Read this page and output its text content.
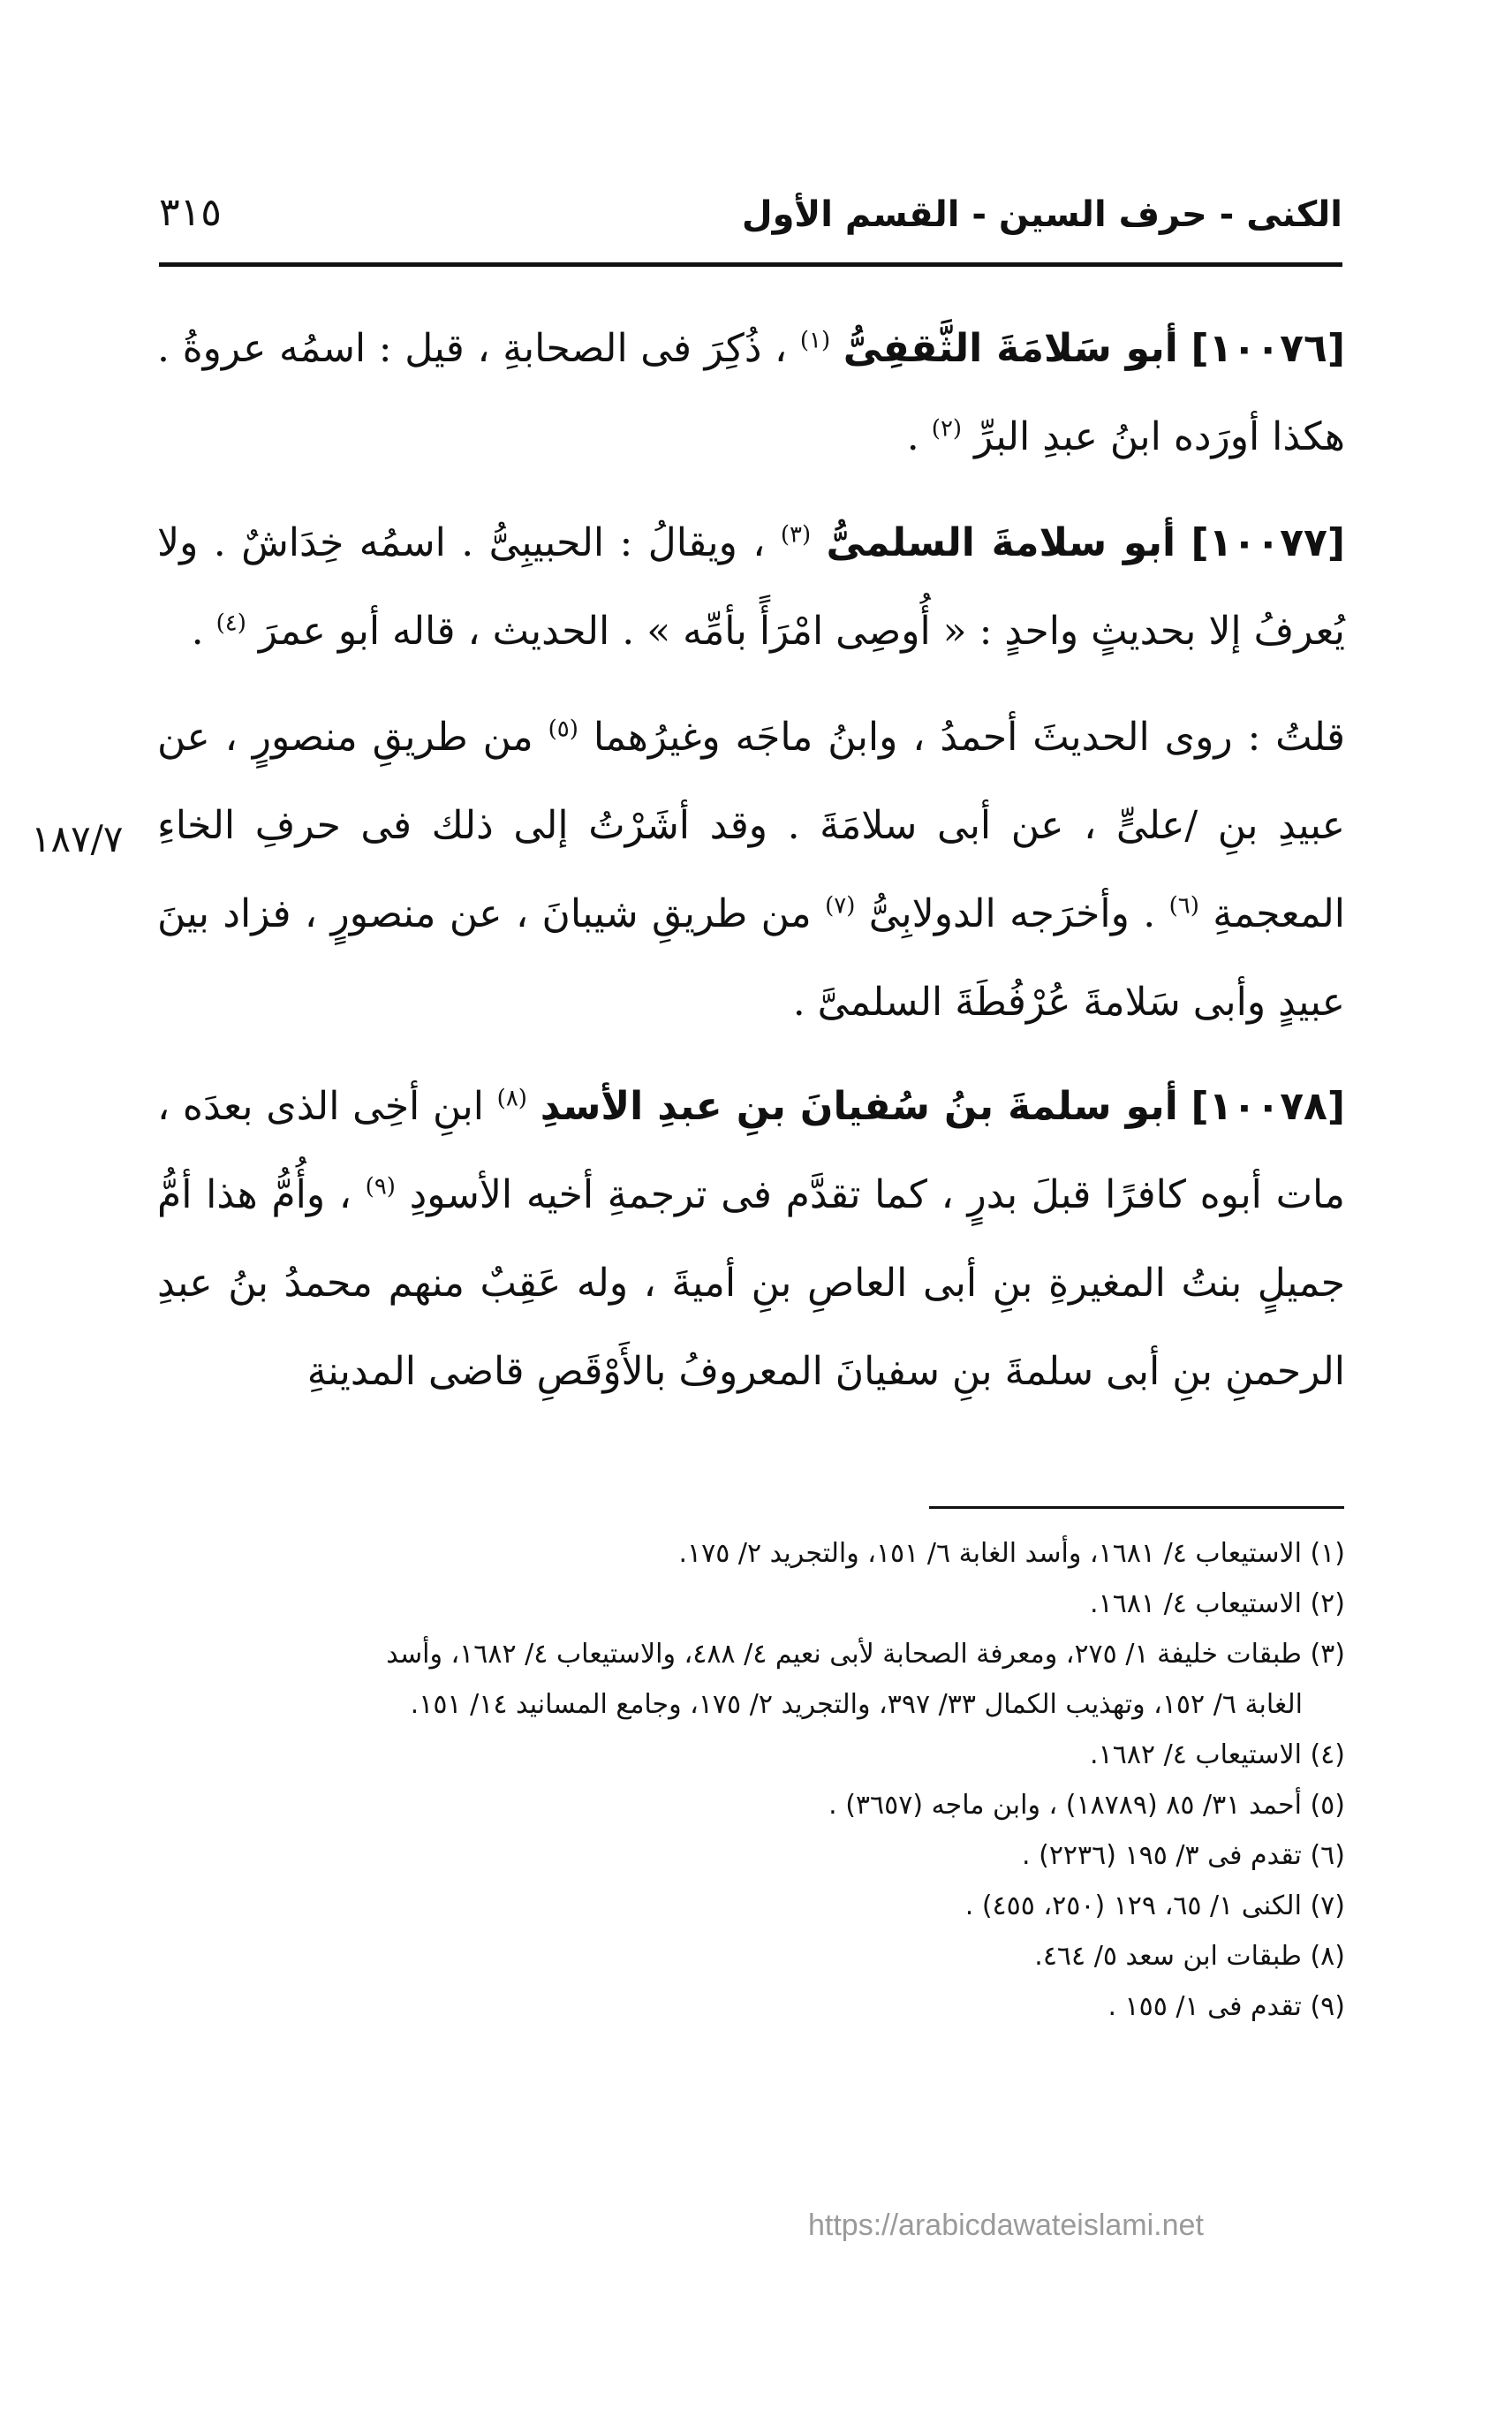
الكنى - حرف السين - القسم الأول
٣١٥
١٨٧/٧

[١٠٠٧٦] أبو سَلامَةَ الثَّقفِىُّ $^{(١)}$ ، ذُكِرَ فى الصحابةِ ، قيل : اسمُه عروةُ . هكذا أورَده ابنُ عبدِ البرِّ $^{(٢)}$ .

[١٠٠٧٧] أبو سلامةَ السلمىُّ $^{(٣)}$ ، ويقالُ : الحبيبِىُّ . اسمُه خِدَاشٌ . ولا يُعرفُ إلا بحديثٍ واحدٍ : « أُوصِى امْرَأً بأمِّه » . الحديث ، قاله أبو عمرَ $^{(٤)}$ .

قلتُ : روى الحديثَ أحمدُ ، وابنُ ماجَه وغيرُهما $^{(٥)}$ من طريقِ منصورٍ ، عن عبيدِ بنِ /علىٍّ ، عن أبى سلامَةَ . وقد أشَرْتُ إلى ذلك فى حرفِ الخاءِ المعجمةِ $^{(٦)}$ . وأخرَجه الدولابِىُّ $^{(٧)}$ من طريقِ شيبانَ ، عن منصورٍ ، فزاد بينَ عبيدٍ وأبى سَلامةَ عُرْفُطَةَ السلمىَّ .

[١٠٠٧٨] أبو سلمةَ بنُ سُفيانَ بنِ عبدِ الأسدِ $^{(٨)}$ ابنِ أخِى الذى بعدَه ، مات أبوه كافرًا قبلَ بدرٍ ، كما تقدَّم فى ترجمةِ أخيه الأسودِ $^{(٩)}$ ، وأُمُّ هذا أمُّ جميلٍ بنتُ المغيرةِ بنِ أبى العاصِ بنِ أميةَ ، وله عَقِبٌ منهم محمدُ بنُ عبدِ الرحمنِ بنِ أبى سلمةَ بنِ سفيانَ المعروفُ بالأَوْقَصِ قاضى المدينةِ

(١) الاستيعاب ٤/ ١٦٨١، وأسد الغابة ٦/ ١٥١، والتجريد ٢/ ١٧٥.

(٢) الاستيعاب ٤/ ١٦٨١.

(٣) طبقات خليفة ١/ ٢٧٥، ومعرفة الصحابة لأبى نعيم ٤/ ٤٨٨، والاستيعاب ٤/ ١٦٨٢، وأسد

الغابة ٦/ ١٥٢، وتهذيب الكمال ٣٣/ ٣٩٧، والتجريد ٢/ ١٧٥، وجامع المسانيد ١٤/ ١٥١.

(٤) الاستيعاب ٤/ ١٦٨٢.

(٥) أحمد ٣١/ ٨٥ (١٨٧٨٩) ، وابن ماجه (٣٦٥٧) .

(٦) تقدم فى ٣/ ١٩٥ (٢٢٣٦) .

(٧) الكنى ١/ ٦٥، ١٢٩ (٢٥٠، ٤٥٥) .

(٨) طبقات ابن سعد ٥/ ٤٦٤.

(٩) تقدم فى ١/ ١٥٥ .

https://arabicdawateislami.net
